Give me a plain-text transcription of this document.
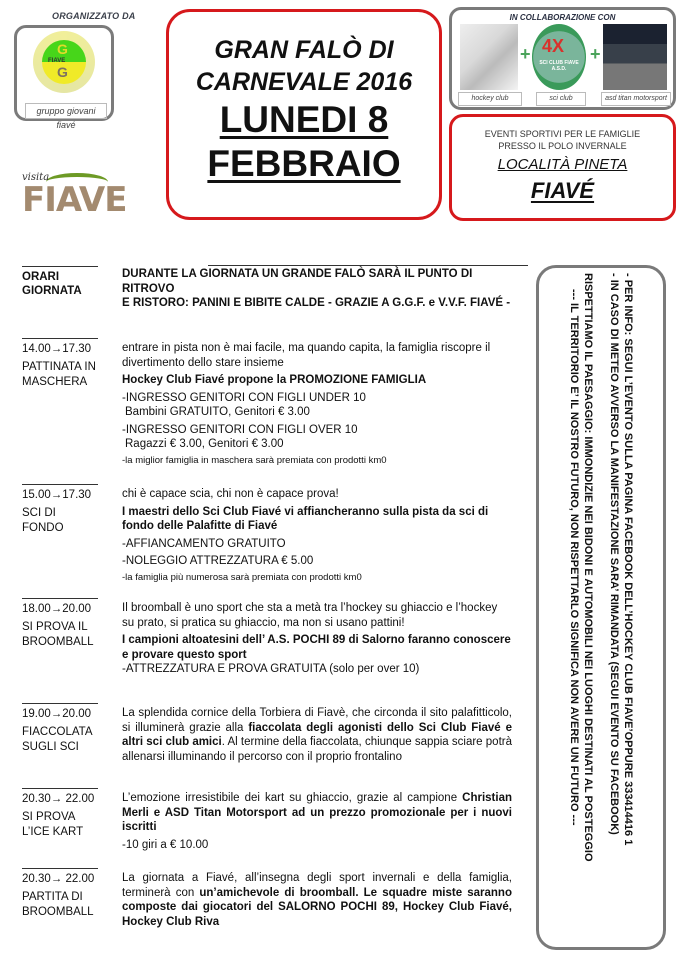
ORGANIZZATO DA
G
FIAVE
G
gruppo giovani fiavé
visita
FIAVE
GRAN FALÒ DI
CARNEVALE 2016
LUNEDI 8
FEBBRAIO
IN COLLABORAZIONE CON
+ 4X
SCI CLUB FIAVE A.S.D.
+
hockey club	sci club	asd titan motorsport
EVENTI SPORTIVI PER LE FAMIGLIE
PRESSO IL POLO INVERNALE
LOCALITÀ PINETA
FIAVÉ
ORARI
GIORNATA

DURANTE LA GIORNATA UN GRANDE FALÒ SARÀ IL PUNTO DI RITROVO

E RISTORO: PANINI E BIBITE CALDE - GRAZIE A G.G.F. e V.V.F. FIAVÉ -

14.00→17.30
PATTINATA IN MASCHERA

entrare in pista non è mai facile, ma quando capita, la famiglia riscopre il divertimento dello stare insieme

Hockey Club Fiavé propone la PROMOZIONE FAMIGLIA

-INGRESSO GENITORI CON FIGLI UNDER 10

Bambini GRATUITO, Genitori € 3.00

-INGRESSO GENITORI CON FIGLI OVER 10

Ragazzi € 3.00, Genitori € 3.00

-la miglior famiglia in maschera sarà premiata con prodotti km0

15.00→17.30
SCI DI FONDO

chi è capace scia, chi non è capace prova!

I maestri dello Sci Club Fiavé vi affiancheranno sulla pista da sci di fondo delle Palafitte di Fiavé

-AFFIANCAMENTO GRATUITO

-NOLEGGIO ATTREZZATURA € 5.00

-la famiglia più numerosa sarà premiata con prodotti km0

18.00→20.00
SI PROVA IL BROOMBALL

Il broomball è uno sport che sta a metà tra l’hockey su ghiaccio e l’hockey su prato, si pratica su ghiaccio, ma non si usano pattini!

I campioni altoatesini dell’ A.S. POCHI 89 di Salorno faranno conoscere e provare questo sport

-ATTREZZATURA E PROVA GRATUITA (solo per over 10)

19.00→20.00
FIACCOLATA SUGLI SCI

La splendida cornice della Torbiera di Fiavè, che circonda il sito palafitticolo, si illuminerà grazie alla fiaccolata degli agonisti dello Sci Club Fiavé e altri sci club amici. Al termine della fiaccolata, chiunque sappia sciare potrà allenarsi illuminando il percorso con il proprio frontalino

20.30→ 22.00
SI PROVA L’ICE KART

L’emozione irresistibile dei kart su ghiaccio, grazie al campione Christian Merli e ASD Titan Motorsport ad un prezzo promozionale per i nuovi iscritti

-10 giri a € 10.00

20.30→ 22.00
PARTITA DI BROOMBALL

La giornata a Fiavé, all’insegna degli sport invernali e della famiglia, terminerà con un’amichevole di broomball. Le squadre miste saranno composte dai giocatori del SALORNO POCHI 89, Hockey Club Fiavé, Hockey Club Riva

- PER INFO: SEGUI L’EVENTO SULLA PAGINA FACEBOOK DELL’HOCKEY CLUB FIAVE’OPPURE 333414416 1

- IN CASO DI METEO AVVERSO LA MANIFESTAZIONE SARA’ RIMANDATA (SEGUI EVENTO SU FACEBOOK)

RISPETTIAMO IL PAESAGGIO: IMMONDIZIE NEI BIDONI E AUTOMOBILI NEI LUOGHI DESTINATI AL POSTEGGIO

--- IL TERRITORIO E’ IL NOSTRO FUTURO, NON RISPETTARLO SIGNIFICA NON AVERE UN FUTURO ---
